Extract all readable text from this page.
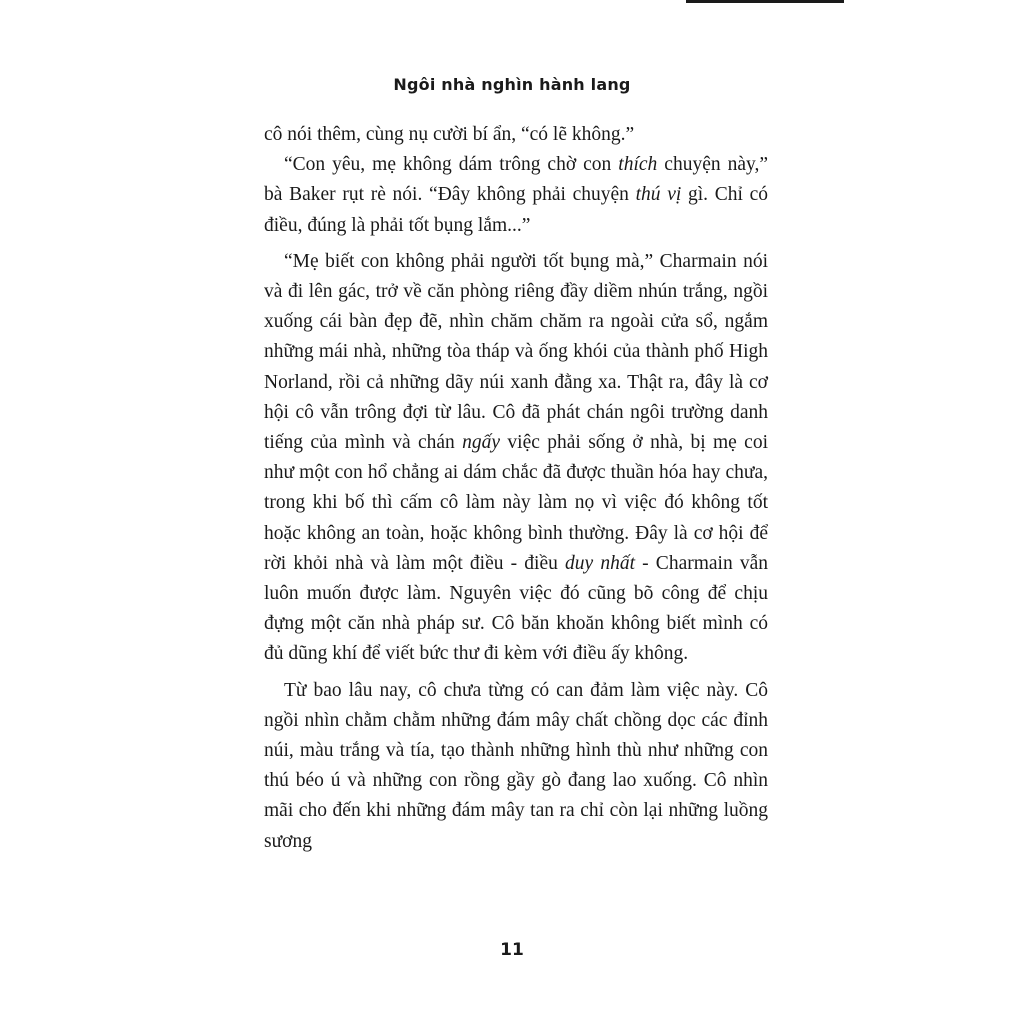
Ngôi nhà nghìn hành lang

cô nói thêm, cùng nụ cười bí ẩn, “có lẽ không.”

“Con yêu, mẹ không dám trông chờ con thích chuyện này,” bà Baker rụt rè nói. “Đây không phải chuyện thú vị gì. Chỉ có điều, đúng là phải tốt bụng lắm...”

“Mẹ biết con không phải người tốt bụng mà,” Charmain nói và đi lên gác, trở về căn phòng riêng đầy diềm nhún trắng, ngồi xuống cái bàn đẹp đẽ, nhìn chăm chăm ra ngoài cửa sổ, ngắm những mái nhà, những tòa tháp và ống khói của thành phố High Norland, rồi cả những dãy núi xanh đằng xa. Thật ra, đây là cơ hội cô vẫn trông đợi từ lâu. Cô đã phát chán ngôi trường danh tiếng của mình và chán ngấy việc phải sống ở nhà, bị mẹ coi như một con hổ chẳng ai dám chắc đã được thuần hóa hay chưa, trong khi bố thì cấm cô làm này làm nọ vì việc đó không tốt hoặc không an toàn, hoặc không bình thường. Đây là cơ hội để rời khỏi nhà và làm một điều - điều duy nhất - Charmain vẫn luôn muốn được làm. Nguyên việc đó cũng bõ công để chịu đựng một căn nhà pháp sư. Cô băn khoăn không biết mình có đủ dũng khí để viết bức thư đi kèm với điều ấy không.

Từ bao lâu nay, cô chưa từng có can đảm làm việc này. Cô ngồi nhìn chằm chằm những đám mây chất chồng dọc các đỉnh núi, màu trắng và tía, tạo thành những hình thù như những con thú béo ú và những con rồng gầy gò đang lao xuống. Cô nhìn mãi cho đến khi những đám mây tan ra chỉ còn lại những luồng sương

11
